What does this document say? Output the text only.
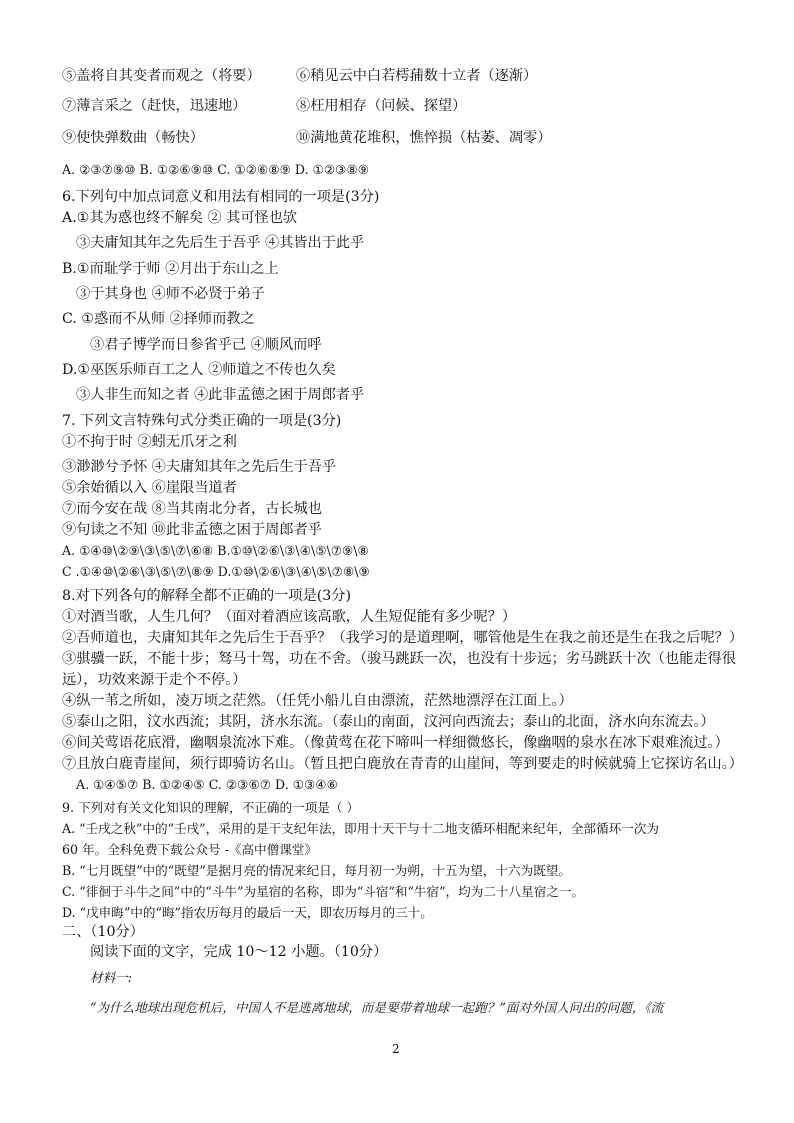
⑤盖将自其变者而观之（将要） ⑥稍见云中白若樗蒱数十立者（逐渐）
⑦薄言采之（赶快，迅速地）	⑧枉用相存（问候、探望）
⑨使快弹数曲（畅快）	⑩满地黄花堆积，憔悴损（枯萎、凋零）
A. ②③⑦⑨⑩ B. ①②⑥⑨⑩ C. ①②⑥⑧⑨ D. ①②③⑧⑨
6.下列句中加点词意义和用法有相同的一项是(3分)
A.①其为惑也终不解矣 ② 其可怪也欤
③夫庸知其年之先后生于吾乎 ④其皆出于此乎
B.①而耻学于师 ②月出于东山之上
③于其身也 ④师不必贤于弟子
C. ①惑而不从师 ②择师而教之
③君子博学而日参省乎己 ④顺风而呼
D.①巫医乐师百工之人 ②师道之不传也久矣
③人非生而知之者 ④此非孟德之困于周郎者乎
7. 下列文言特殊句式分类正确的一项是(3分)
①不拘于时 ②蚓无爪牙之利
③渺渺兮予怀 ④夫庸知其年之先后生于吾乎
⑤余始循以入 ⑥崖限当道者
⑦而今安在哉 ⑧当其南北分者，古长城也
⑨句读之不知 ⑩此非孟德之困于周郎者乎
A. ①④⑩\②⑨\③\⑤\⑦\⑥⑧ B.①⑩\②⑥\③\④\⑤\⑦⑨\⑧
C .①④⑩\②⑥\③\⑤\⑦\⑧⑨ D.①⑩\②⑥\③\④\⑤\⑦⑧\⑨
8.对下列各句的解释全都不正确的一项是(3分)
①对酒当歌，人生几何？（面对着酒应该高歌，人生短促能有多少呢？）
②吾师道也，夫庸知其年之先后生于吾乎？（我学习的是道理啊，哪管他是生在我之前还是生在我之后呢？）
③骐骥一跃，不能十步；驽马十驾，功在不舍。（骏马跳跃一次，也没有十步远；劣马跳跃十次（也能走得很
远），功效来源于走个不停。）
④纵一苇之所如，凌万顷之茫然。（任凭小船儿自由漂流，茫然地漂浮在江面上。）
⑤泰山之阳，汶水西流；其阴，济水东流。（泰山的南面，汶河向西流去；泰山的北面，济水向东流去。）
⑥间关莺语花底滑，幽咽泉流冰下难。（像黄莺在花下啼叫一样细微悠长，像幽咽的泉水在冰下艰难流过。）
⑦且放白鹿青崖间，须行即骑访名山。（暂且把白鹿放在青青的山崖间，等到要走的时候就骑上它探访名山。）
A. ①④⑤⑦ B. ①②④⑤ C. ②③⑥⑦ D. ①③④⑥
9. 下列对有关文化知识的理解，不正确的一项是（ ）
A. “壬戌之秋”中的“壬戌”，采用的是干支纪年法，即用十天干与十二地支循环相配来纪年，全部循环一次为
60 年。全科免费下载公众号 -《高中僧课堂》
B. “七月既望”中的“既望”是据月亮的情况来纪日，每月初一为朔，十五为望，十六为既望。
C. “徘徊于斗牛之间”中的“斗牛”为星宿的名称，即为“斗宿”和“牛宿”，均为二十八星宿之一。
D. “戊申晦”中的“晦”指农历每月的最后一天，即农历每月的三十。
二、（10分）
阅读下面的文字，完成 10～12 小题。（10分）
材料一:
“为什么地球出现危机后，中国人不是逃离地球，而是要带着地球一起跑？”面对外国人问出的问题，《流
2
